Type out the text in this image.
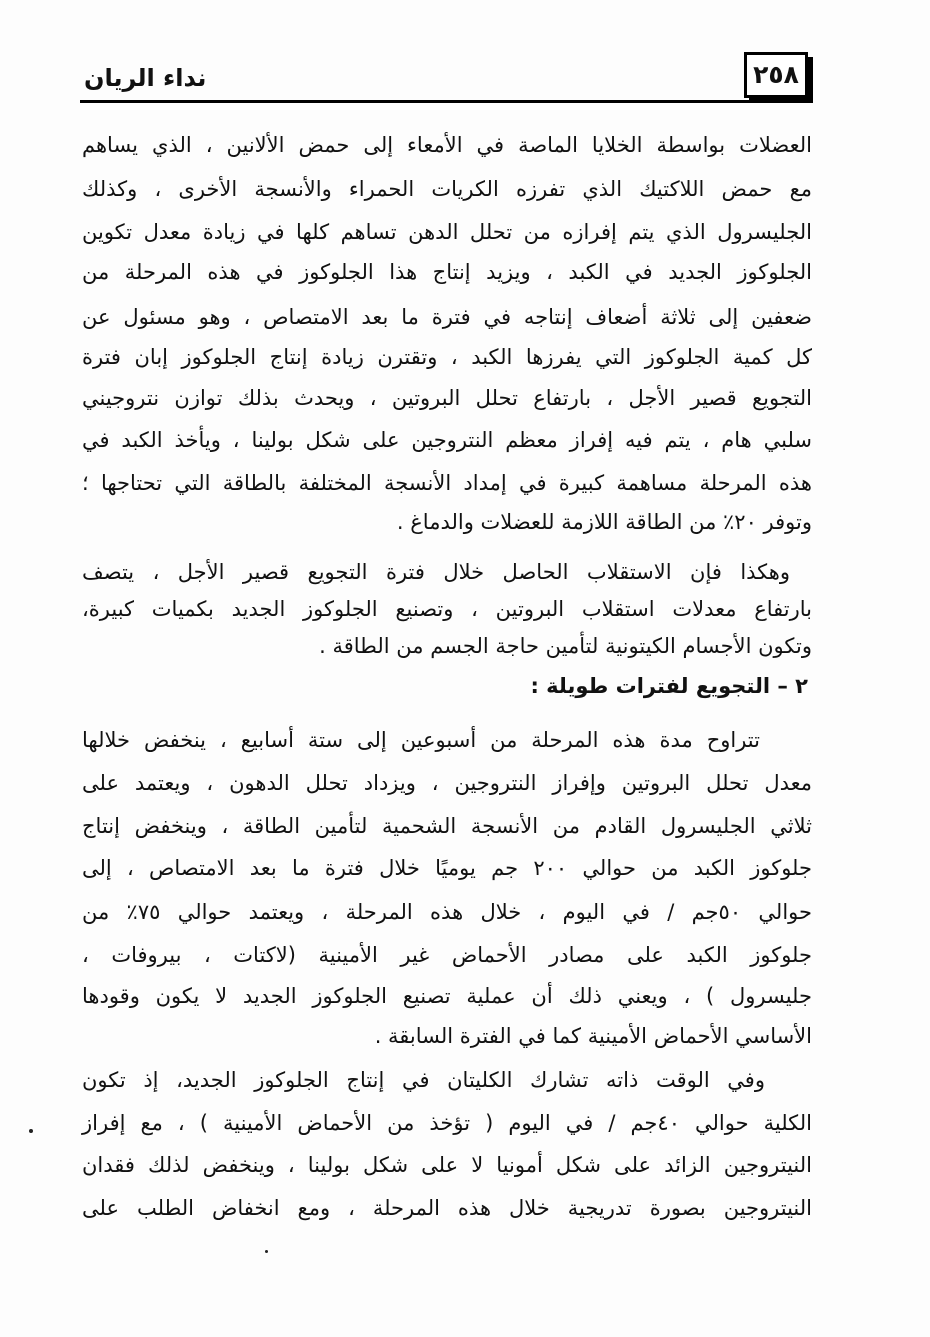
نداء الريان	٢٥٨
العضلات بواسطة الخلايا الماصة في الأمعاء إلى حمض الألانين ، الذي يساهم
مع حمض اللاكتيك الذي تفرزه الكريات الحمراء والأنسجة الأخرى ، وكذلك
الجليسرول الذي يتم إفرازه من تحلل الدهن تساهم كلها في زيادة معدل تكوين
الجلوكوز الجديد في الكبد ، ويزيد إنتاج هذا الجلوكوز في هذه المرحلة من
ضعفين إلى ثلاثة أضعاف إنتاجه في فترة ما بعد الامتصاص ، وهو مسئول عن
كل كمية الجلوكوز التي يفرزها الكبد ، وتقترن زيادة إنتاج الجلوكوز إبان فترة
التجويع قصير الأجل ، بارتفاع تحلل البروتين ، ويحدث بذلك توازن نتروجيني
سلبي هام ، يتم فيه إفراز معظم النتروجين على شكل بولينا ، ويأخذ الكبد في
هذه المرحلة مساهمة كبيرة في إمداد الأنسجة المختلفة بالطاقة التي تحتاجها ؛
وتوفر ٢٠٪ من الطاقة اللازمة للعضلات والدماغ .
وهكذا فإن الاستقلاب الحاصل خلال فترة التجويع قصير الأجل ، يتصف
بارتفاع معدلات استقلاب البروتين ، وتصنيع الجلوكوز الجديد بكميات كبيرة،
وتكون الأجسام الكيتونية لتأمين حاجة الجسم من الطاقة .
٢ – التجويع لفترات طويلة :
تتراوح مدة هذه المرحلة من أسبوعين إلى ستة أسابيع ، ينخفض خلالها
معدل تحلل البروتين وإفراز النتروجين ، ويزداد تحلل الدهون ، ويعتمد على
ثلاثي الجليسرول القادم من الأنسجة الشحمية لتأمين الطاقة ، وينخفض إنتاج
جلوكوز الكبد من حوالي ٢٠٠ جم يوميًا خلال فترة ما بعد الامتصاص ، إلى
حوالي ٥٠جم / في اليوم ، خلال هذه المرحلة ، ويعتمد حوالي ٧٥٪ من
جلوكوز الكبد على مصادر الأحماض غير الأمينية (لاكتات ، بيروفات ،
جليسرول ) ، ويعني ذلك أن عملية تصنيع الجلوكوز الجديد لا يكون وقودها
الأساسي الأحماض الأمينية كما في الفترة السابقة .
وفي الوقت ذاته تشارك الكليتان في إنتاج الجلوكوز الجديد، إذ تكون
الكلية حوالي ٤٠جم / في اليوم ( تؤخذ من الأحماض الأمينية ) ، مع إفراز
النيتروجين الزائد على شكل أمونيا لا على شكل بولينا ، وينخفض لذلك فقدان
النيتروجين بصورة تدريجية خلال هذه المرحلة ، ومع انخفاض الطلب على
